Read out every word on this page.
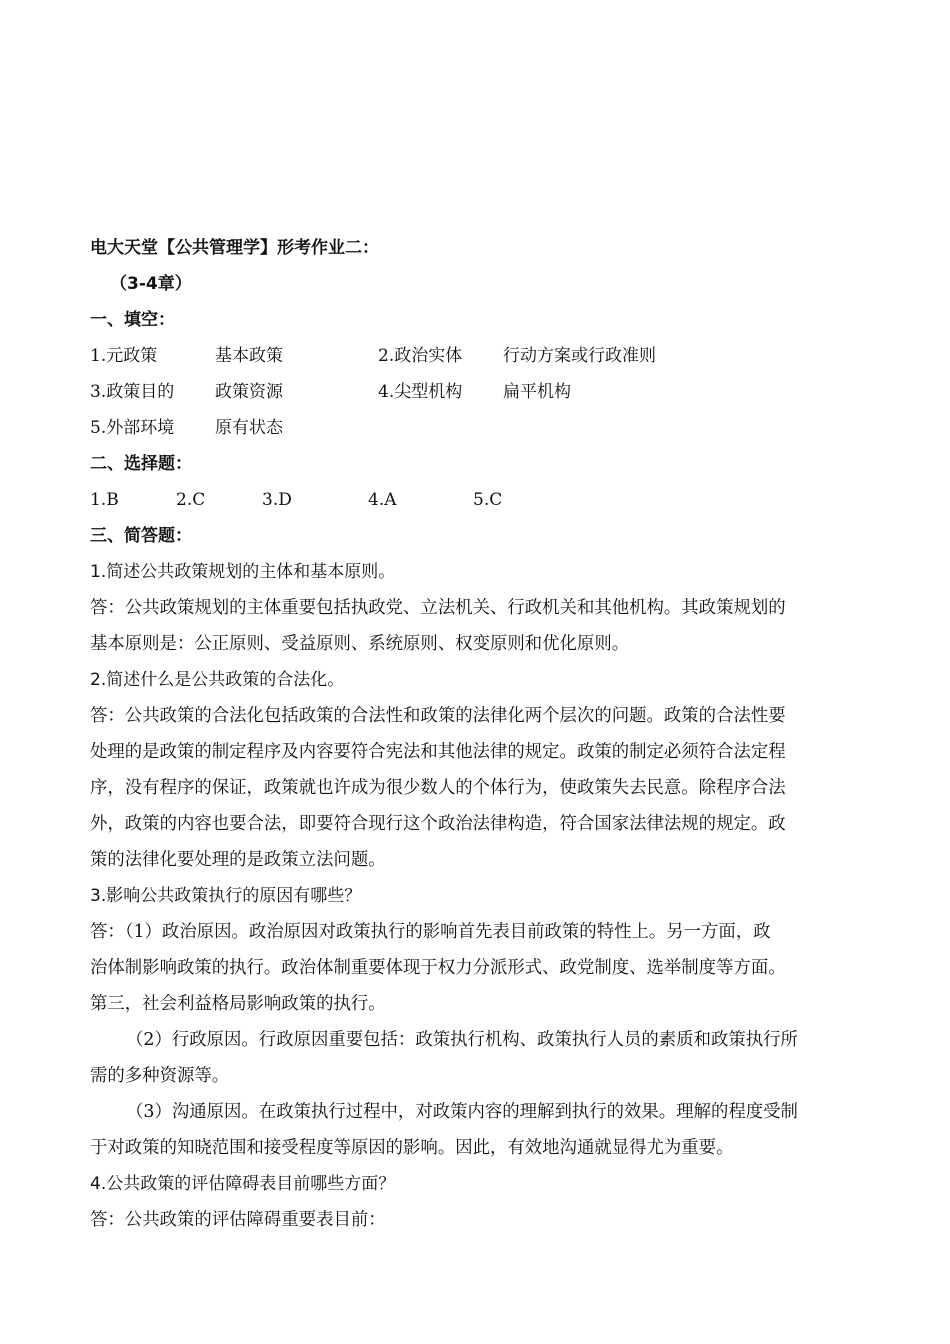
电大天堂【公共管理学】形考作业二：
（3-4章）
一、填空：
1.元政策	基本政策	2.政治实体 行动方案或行政准则
3.政策目的 政策资源	4.尖型机构 扁平机构
5.外部环境 原有状态
二、选择题：
1.B	2.C	3.D	4.A	5.C
三、简答题：
1.简述公共政策规划的主体和基本原则。
答：公共政策规划的主体重要包括执政党、立法机关、行政机关和其他机构。其政策规划的
基本原则是：公正原则、受益原则、系统原则、权变原则和优化原则。
2.简述什么是公共政策的合法化。
答：公共政策的合法化包括政策的合法性和政策的法律化两个层次的问题。政策的合法性要
处理的是政策的制定程序及内容要符合宪法和其他法律的规定。政策的制定必须符合法定程
序，没有程序的保证，政策就也许成为很少数人的个体行为，使政策失去民意。除程序合法
外，政策的内容也要合法，即要符合现行这个政治法律构造，符合国家法律法规的规定。政
策的法律化要处理的是政策立法问题。
3.影响公共政策执行的原因有哪些？
答：（1）政治原因。政治原因对政策执行的影响首先表目前政策的特性上。另一方面，政
治体制影响政策的执行。政治体制重要体现于权力分派形式、政党制度、选举制度等方面。
第三，社会利益格局影响政策的执行。
（2）行政原因。行政原因重要包括：政策执行机构、政策执行人员的素质和政策执行所
需的多种资源等。
（3）沟通原因。在政策执行过程中，对政策内容的理解到执行的效果。理解的程度受制
于对政策的知晓范围和接受程度等原因的影响。因此，有效地沟通就显得尤为重要。
4.公共政策的评估障碍表目前哪些方面？
答：公共政策的评估障碍重要表目前：
